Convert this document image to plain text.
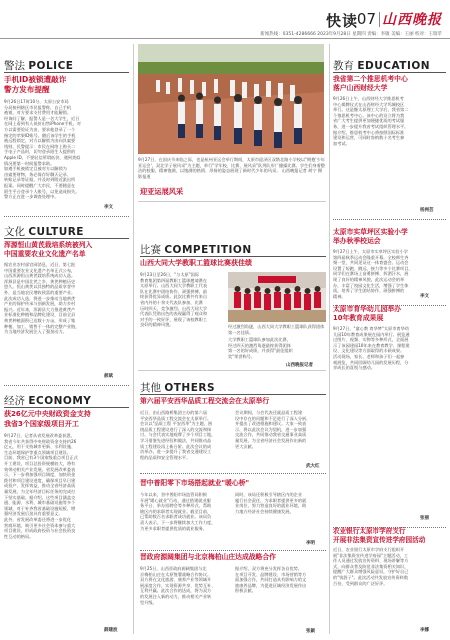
快读
07 山西晚报
新闻热线：0351-4286666 2023年9月28日 星期四 责编：李敏 美编：王丽 校对：王瑞苹
警法 POLICE
手机ID被锁遭敲诈
警方发布提醒
9月26日17时10分，太原公安市局
分局接到辖区市民报警称，自己手机
被锁，对方要求支付费用才能解锁。
经询问了解，报警人是一名大学生，近日
在网上看到有人低价出售iPhone手机，对
方以需要验证为由，要求他登录了一个
指定的苹果ID账号。随后该学生的手机
被远程锁定，对方以解锁为由向其索要
钱财。民警提示：市民在网络上购买二
手电子产品时，切勿登录陌生人提供的
Apple ID，不要轻信所谓低价，遇到类似
情况要第一时间报警求助。
如遇手机被锁定且被对方以解锁为
由索要财物，务必保存好聊天记录、
转账记录等证据，并及时到附近派出所
报案。同时提醒广大市民，不要随意在
陌生平台登录个人账号，以免造成损失。
警方正在进一步调查处理中。
李文
文化 CULTURE
浑源恒山黄芪栽培系统被列入
中国重要农业文化遗产名单
据农业农村部官网消息，近日，第七批
中国重要农业文化遗产名单正式公布，
山西浑源恒山黄芪栽培系统成功入选。
浑源县是中国北芪之乡，黄芪种植历史
悠久。恒山黄芪以其独特的品质享誉中
外，是当地农民增收致富的重要产业。
此次成功入选，将进一步推动当地黄芪
产业的保护传承与创新发展，助力乡村
振兴。近年来，浑源县大力推进黄芪产
业标准化种植和品牌化建设，目前全县
黄芪种植面积已达数十万亩，形成了集
种植、加工、销售于一体的完整产业链，
为当地经济发展注入了强劲动力。
郝斌
经济 ECONOMY
获26亿元中央财政资金支持
我省3个国家级项目开工
9月27日，记者从省发展改革委获悉，
我省今年共获得中央财政资金支持约26
亿元，用于支持城市更新、水利设施、
生态环境保护等重点领域项目建设。
目前，我省已有3个国家级重点项目正式
开工建设，项目总投资规模较大，将有
效带动相关产业发展。省发展改革委表
示，下一步将加强项目调度，加快资金
拨付和项目建设进度，确保项目早日建
成投产、发挥效益，推动全省经济高质
量发展，为全年经济目标任务的完成打
下坚实基础。据介绍，这些项目涵盖交
通、能源、水利、城市基础设施等多个
领域，对于补齐我省基础设施短板、增
强经济发展后劲具有重要意义。
此外，省发展改革委还将进一步优化
营商环境，吸引更多社会资本参与重大
项目建设，形成政府投资与社会投资良
性互动的格局。
薛建波
9月27日，在国庆节来临之际，也是杭州亚运会举行期间，太原市迎泽区双塔北路小学校以"拥抱'少年亚运会'，双北学子展风采"为主题，举行"学军校、比赛、展风采"队列队形广播操比赛。学生们身着整洁的校服，精神饱满，以饱满的热情、昂扬的姿态展现了新时代少年的风采。 山西晚报记者 胡宁 摄影报道
迎亚运展风采
比赛 COMPETITION
山西大同大学教职工篮球比赛获佳绩
9月23日至26日，"与太原"国际
教育集团第四届教职工篮球邀请赛在
太原举行。山西大同大学教职工代表
队在比赛中团结协作、顽强拼搏，最
终获得优异成绩。此次比赛共有来自
省内外的十余支代表队参加，比赛
历时四天，竞争激烈。山西大同大学
代表队凭借出色的表现赢得了观众和
对手的一致好评，展现了该校教职工
良好的精神风貌。	经过激烈角逐，山西大同大学教职工篮球队获得团体第一名佳绩。
大学教职工篮球队参加此次比赛，
经过四天的激烈角逐最终获得团体
第一名的好成绩，并获得"最佳组织
奖"荣誉称号。
山西晚报记者
其他 OTHERS
第六届平安西华品质工程交流会在太原举行
近日，由山西路桥集团主办的第六届
平安西华品质工程交流会在太原举行。
会议以"品质工程 平安西华"为主题，围
绕品质工程建设进行了深入的交流和探
讨。与会代表实地观摩了多个项目工地，
学习借鉴先进经验和做法，共同推动品
质工程建设再上新台阶。此次会议的成
功举办，进一步提升了我省交通建设工
程的品质和安全管理水平。
会议期间，与会代表还就品质工程建
设中存在的问题和不足进行了深入分析，
并提出了改进措施和建议。大家一致表
示，将以此次会议为契机，进一步加强
交流合作，共同推动我省交通事业高质
量发展，为全省经济社会发展作出新的
更大贡献。
武大红
晋中普阳零下市场搭起就业"暖心桥"
今年以来，晋中普阳市场监管局积极
开展"暖心就业"行动，通过搭建就业服
务平台、举办招聘会等多种形式，帮助
辖区内的求职者实现就业。截至目前，
已帮助数百名求职者成功就业。该局负
责人表示，下一步将继续加大工作力度，
为更多求职者提供优质的就业服务。
同时，该局还积极引导辖区内的企业
履行社会责任，为求职者提供更多的就
业岗位，努力营造良好的就业环境，助
力地方经济社会持续健康发展。
李明
晋政府源阔集团与北京梅柏山庄达成战略合作
9月25日，山西晋政府源阔集团与北
京梅柏山庄在太原签署战略合作协议。
双方将在文化旅游、康养产业等领域开
展深度合作，实现资源共享、优势互补、
互利共赢。此次合作的达成，将为双方
的发展注入新的动力，推动相关产业转
型升级。
据介绍，双方将充分发挥各自优势，
在项目开发、品牌建设、市场营销等方
面加强合作，共同打造具有影响力的文
旅康养品牌，为促进区域经济发展作出
积极贡献。
张颖
教育 EDUCATION
我省第二个推思机考中心
落户山西财经大学
9月26日上午，山西财经大学推思机考
中心揭牌仪式在山西财经大学坞城校区
举行。这是继太原理工大学后，我省第二
个推思机考中心。该中心的设立将为我
省广大考生提供更加便捷优质的考试服
务，进一步提升我省考试组织管理水平。
据介绍，推思机考中心将按照国际标准
建设和运营，可同时容纳数十名考生参
加考试。
杨洲芸
太原市实草坪区实验小学
举办秋季校运会
9月27日上午，太原市实草坪区实验小学
第四届秋季运动会隆重开幕。全校师生齐
聚一堂，共同见证这一体育盛会。运动会
设置了短跑、跳远、接力等多个比赛项目，
同学们在赛场上奋勇拼搏、挥洒汗水，展
现了良好的精神风貌。此次运动会的举
办，丰富了校园文化生活，增强了学生体
质，培养了学生团结协作、顽强拼搏的
精神。	李文
太原市育华幼儿园举办
10年教育成果展
9月27日，"童心教 育华梦"太原市育华幼
儿园10年教育成果展在园内举行。展览通
过图片、视频、实物等多种形式，全面展
示了该园建园10年来在教育教学、课程建
设、文化建设等方面取得的丰硕成果。
活动现场，家长、老师和孩子们一起参
观展览，共同回顾幼儿园的发展历程，分
享成长的喜悦与感动。
张丽
农业银行太原市学府支行
开展非法集资宣传进学府园活动
近日，农业银行太原市学府支行组织开
展"非法集资宣传进学府园"主题活动，工
作人员通过发放宣传资料、现场讲解等方
式，向群众普及防范非法集资相关知识，
提醒广大群众增强风险意识，守护好自己
的"钱袋子"。此次活动共发放宣传资料数
百份，受到群众的广泛好评。
李娜
